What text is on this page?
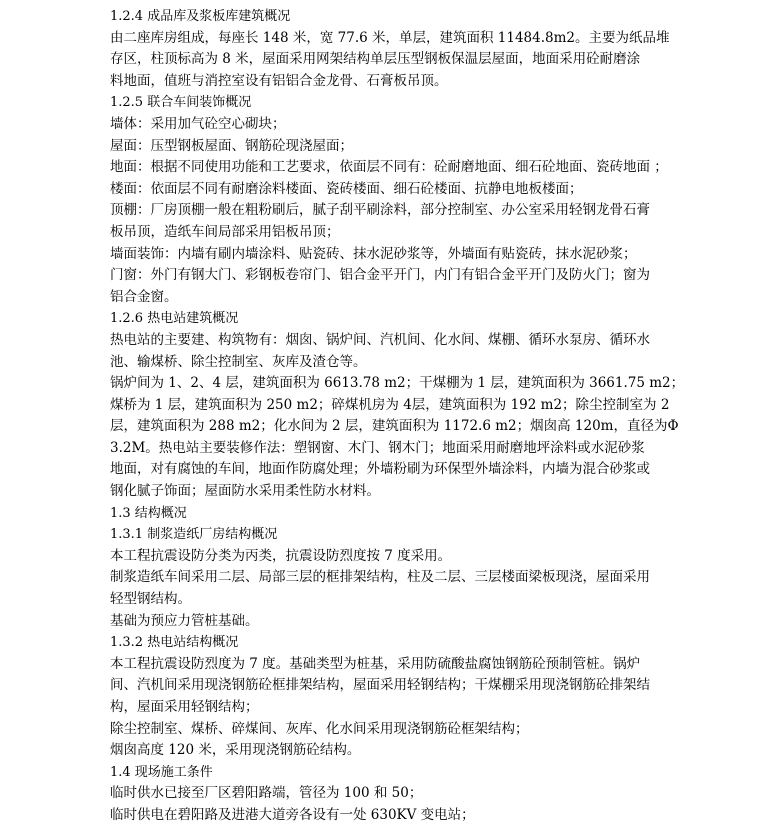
1.2.4 成品库及浆板库建筑概况

由二座库房组成，每座长 148 米，宽 77.6 米，单层，建筑面积 11484.8m2。主要为纸品堆

存区，柱顶标高为 8 米，屋面采用网架结构单层压型钢板保温层屋面，地面采用砼耐磨涂

料地面，值班与消控室设有铝铝合金龙骨、石膏板吊顶。

1.2.5 联合车间装饰概况

墙体：采用加气砼空心砌块；

屋面：压型钢板屋面、钢筋砼现浇屋面；

地面：根据不同使用功能和工艺要求，依面层不同有：砼耐磨地面、细石砼地面、瓷砖地面 ；

楼面：依面层不同有耐磨涂料楼面、瓷砖楼面、细石砼楼面、抗静电地板楼面；

顶棚：厂房顶棚一般在粗粉刷后，腻子刮平刷涂料，部分控制室、办公室采用轻钢龙骨石膏

板吊顶，造纸车间局部采用铝板吊顶；

墙面装饰：内墙有刷内墙涂料、贴瓷砖、抹水泥砂浆等，外墙面有贴瓷砖，抹水泥砂浆；

门窗：外门有钢大门、彩钢板卷帘门、铝合金平开门，内门有铝合金平开门及防火门；窗为

铝合金窗。

1.2.6 热电站建筑概况

热电站的主要建、构筑物有：烟囱、锅炉间、汽机间、化水间、煤棚、循环水泵房、循环水

池、输煤桥、除尘控制室、灰库及渣仓等。

锅炉间为 1、2、4 层，建筑面积为 6613.78 m2；干煤棚为 1 层，建筑面积为 3661.75 m2；

煤桥为 1 层，建筑面积为 250 m2；碎煤机房为 4层，建筑面积为 192 m2；除尘控制室为 2

层，建筑面积为 288 m2；化水间为 2 层，建筑面积为 1172.6 m2；烟囱高 120m，直径为Φ

3.2M。热电站主要装修作法：塑钢窗、木门、钢木门；地面采用耐磨地坪涂料或水泥砂浆

地面，对有腐蚀的车间，地面作防腐处理；外墙粉刷为环保型外墙涂料，内墙为混合砂浆或

钢化腻子饰面；屋面防水采用柔性防水材料。

1.3 结构概况

1.3.1 制浆造纸厂房结构概况

本工程抗震设防分类为丙类，抗震设防烈度按 7 度采用。

制浆造纸车间采用二层、局部三层的框排架结构，柱及二层、三层楼面梁板现浇，屋面采用

轻型钢结构。

基础为预应力管桩基础。

1.3.2 热电站结构概况

本工程抗震设防烈度为 7 度。基础类型为桩基，采用防硫酸盐腐蚀钢筋砼预制管桩。锅炉

间、汽机间采用现浇钢筋砼框排架结构，屋面采用轻钢结构；干煤棚采用现浇钢筋砼排架结

构，屋面采用轻钢结构；

除尘控制室、煤桥、碎煤间、灰库、化水间采用现浇钢筋砼框架结构；

烟囱高度 120 米，采用现浇钢筋砼结构。

1.4 现场施工条件

临时供水已接至厂区碧阳路端，管径为 100 和 50；

临时供电在碧阳路及进港大道旁各设有一处 630KV 变电站；
